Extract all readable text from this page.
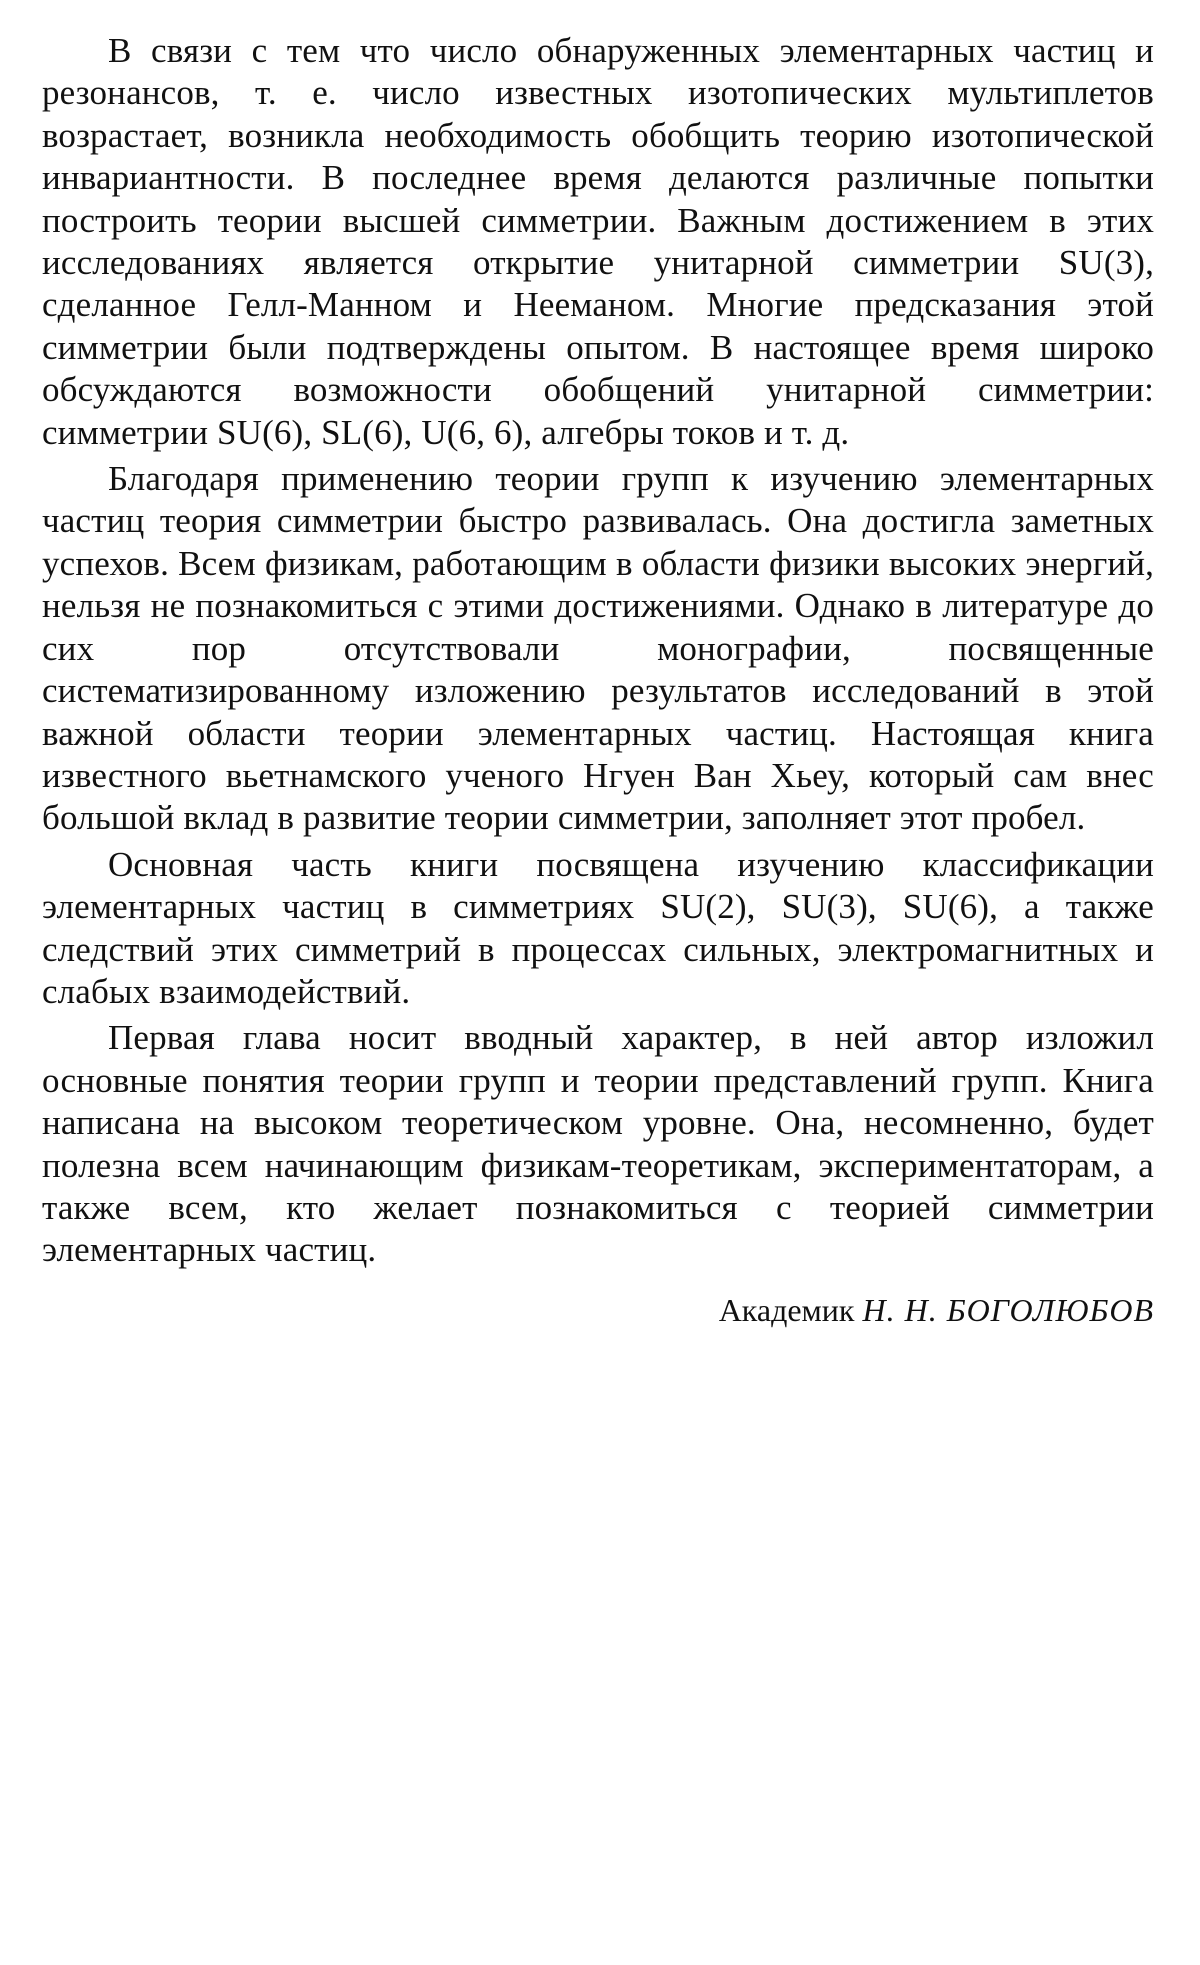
В связи с тем что число обнаруженных элементарных частиц и резонансов, т. е. число известных изотопических мультиплетов возрастает, возникла необходимость обобщить теорию изотопической инвариантности. В последнее время делаются различные попытки построить теории высшей симметрии. Важным достижением в этих исследованиях является открытие унитарной симметрии SU(3), сделанное Гелл-Манном и Нееманом. Многие предсказания этой симметрии были подтверждены опытом. В настоящее время широко обсуждаются возможности обобщений унитарной симметрии: симметрии SU(6), SL(6), U(6, 6), алгебры токов и т. д.

Благодаря применению теории групп к изучению элементарных частиц теория симметрии быстро развивалась. Она достигла заметных успехов. Всем физикам, работающим в области физики высоких энергий, нельзя не познакомиться с этими достижениями. Однако в литературе до сих пор отсутствовали монографии, посвященные систематизированному изложению результатов исследований в этой важной области теории элементарных частиц. Настоящая книга известного вьетнамского ученого Нгуен Ван Хьеу, который сам внес большой вклад в развитие теории симметрии, заполняет этот пробел.

Основная часть книги посвящена изучению классификации элементарных частиц в симметриях SU(2), SU(3), SU(6), а также следствий этих симметрий в процессах сильных, электромагнитных и слабых взаимодействий.

Первая глава носит вводный характер, в ней автор изложил основные понятия теории групп и теории представлений групп. Книга написана на высоком теоретическом уровне. Она, несомненно, будет полезна всем начинающим физикам-теоретикам, экспериментаторам, а также всем, кто желает познакомиться с теорией симметрии элементарных частиц.

Академик Н. Н. БОГОЛЮБОВ
